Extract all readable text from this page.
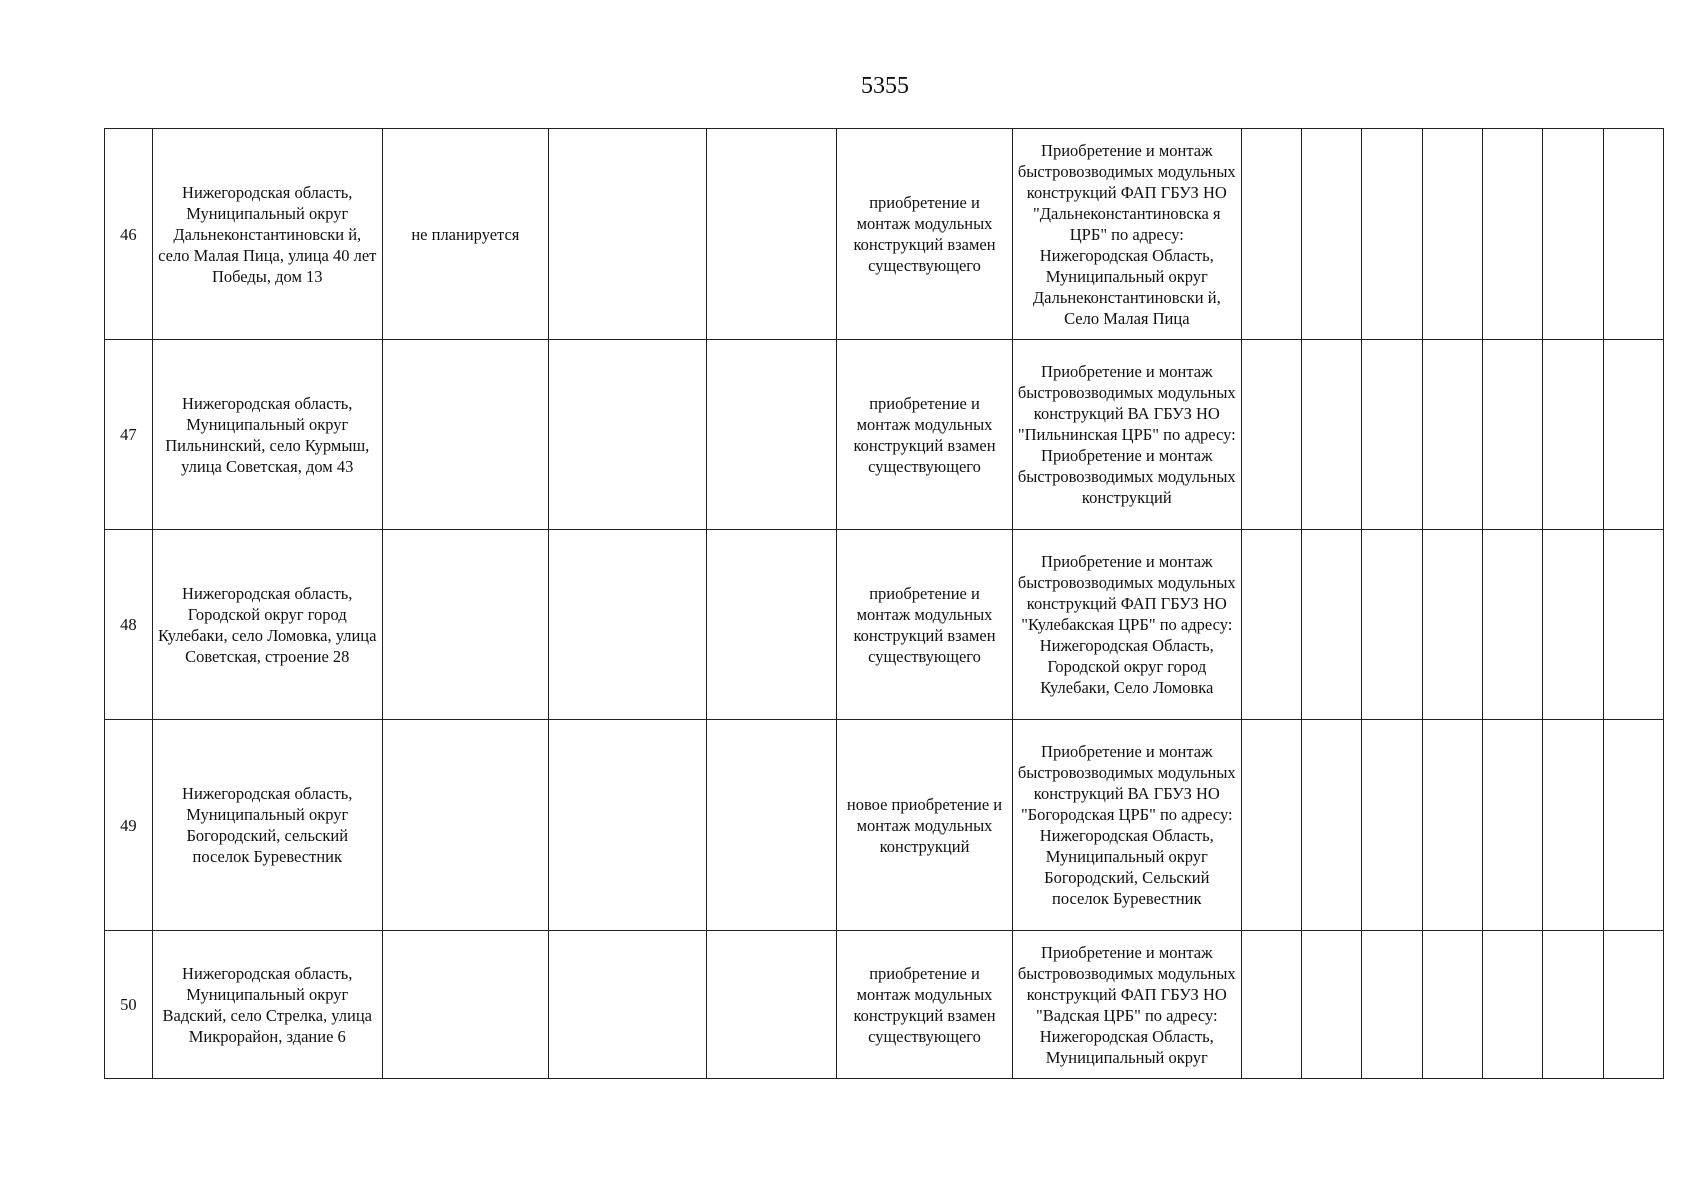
5355
46	Нижегородская область, Муниципальный округ Дальнеконстантиновски й, село Малая Пица, улица 40 лет Победы, дом 13	не планируется			приобретение и монтаж модульных конструкций взамен существующего	Приобретение и монтаж быстровозводимых модульных конструкций ФАП ГБУЗ НО "Дальнеконстантиновска я ЦРБ" по адресу: Нижегородская Область, Муниципальный округ Дальнеконстантиновски й, Село Малая Пица							
47	Нижегородская область, Муниципальный округ Пильнинский, село Курмыш, улица Советская, дом 43				приобретение и монтаж модульных конструкций взамен существующего	Приобретение и монтаж быстровозводимых модульных конструкций ВА ГБУЗ НО "Пильнинская ЦРБ" по адресу: Приобретение и монтаж быстровозводимых модульных конструкций							
48	Нижегородская область, Городской округ город Кулебаки, село Ломовка, улица Советская, строение 28				приобретение и монтаж модульных конструкций взамен существующего	Приобретение и монтаж быстровозводимых модульных конструкций ФАП ГБУЗ НО "Кулебакская ЦРБ" по адресу: Нижегородская Область, Городской округ город Кулебаки, Село Ломовка							
49	Нижегородская область, Муниципальный округ Богородский, сельский поселок Буревестник				новое приобретение и монтаж модульных конструкций	Приобретение и монтаж быстровозводимых модульных конструкций ВА ГБУЗ НО "Богородская ЦРБ" по адресу: Нижегородская Область, Муниципальный округ Богородский, Сельский поселок Буревестник							
50	Нижегородская область, Муниципальный округ Вадский, село Стрелка, улица Микрорайон, здание 6				приобретение и монтаж модульных конструкций взамен существующего	Приобретение и монтаж быстровозводимых модульных конструкций ФАП ГБУЗ НО "Вадская ЦРБ" по адресу: Нижегородская Область, Муниципальный округ							
